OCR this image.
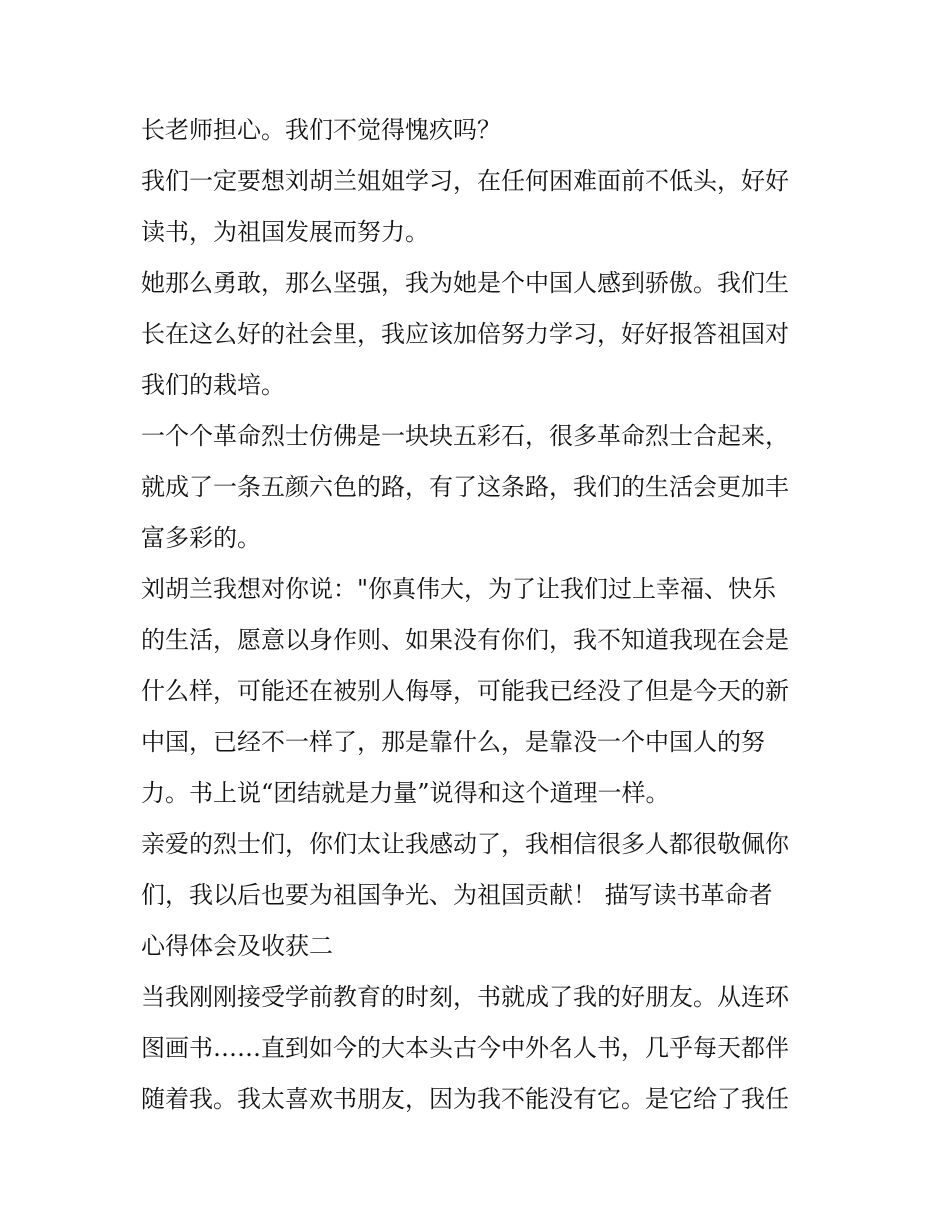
长老师担心。我们不觉得愧疚吗？

我们一定要想刘胡兰姐姐学习，在任何困难面前不低头，好好

读书，为祖国发展而努力。

她那么勇敢，那么坚强，我为她是个中国人感到骄傲。我们生

长在这么好的社会里，我应该加倍努力学习，好好报答祖国对

我们的栽培。

一个个革命烈士仿佛是一块块五彩石，很多革命烈士合起来，

就成了一条五颜六色的路，有了这条路，我们的生活会更加丰

富多彩的。

刘胡兰我想对你说："你真伟大，为了让我们过上幸福、快乐

的生活，愿意以身作则、如果没有你们，我不知道我现在会是

什么样，可能还在被别人侮辱，可能我已经没了但是今天的新

中国，已经不一样了，那是靠什么，是靠没一个中国人的努

力。书上说“团结就是力量”说得和这个道理一样。

亲爱的烈士们，你们太让我感动了，我相信很多人都很敬佩你

们，我以后也要为祖国争光、为祖国贡献！ 描写读书革命者

心得体会及收获二

当我刚刚接受学前教育的时刻，书就成了我的好朋友。从连环

图画书……直到如今的大本头古今中外名人书，几乎每天都伴

随着我。我太喜欢书朋友，因为我不能没有它。是它给了我任
